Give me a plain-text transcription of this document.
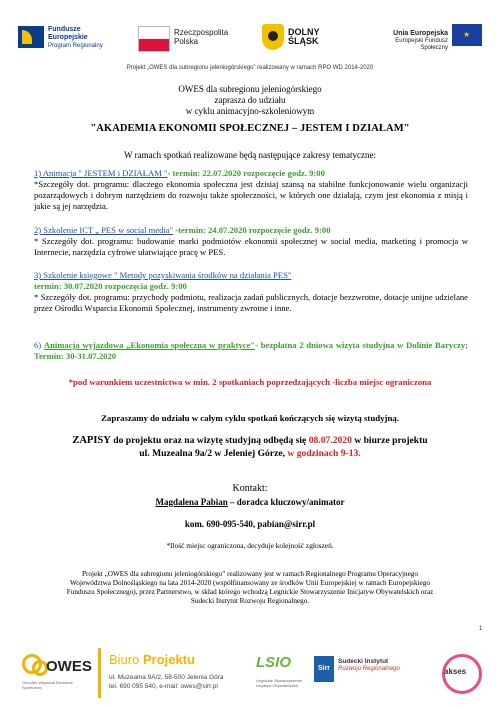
Fundusze
Europejskie
Program Regionalny
Rzeczpospolita
Polska
DOLNY
ŚLĄSK
Unia Europejska
Europejski Fundusz Społeczny
★
Projekt „OWES dla subregionu jeleniogórskiego” realizowany w ramach RPO WD 2014-2020
OWES dla subregionu jeleniogórskiego
zaprasza do udziału
w cyklu animacyjno-szkoleniowym
"AKADEMIA EKONOMII SPOŁECZNEJ – JESTEM I DZIAŁAM"
W ramach spotkań realizowane będą następujące zakresy tematyczne:
1) Animacja " JESTEM i DZIAŁAM "- termin: 22.07.2020 rozpoczęcie godz. 9:00
*Szczegóły dot. programu: dlaczego ekonomia społeczna jest dzisiaj szansą na stabilne funkcjonowanie wielu organizacji pozarządowych i dobrym narzędziem do rozwoju także społeczności, w których one działają, czym jest ekonomia z misją i jakie są jej narzędzia.
2) Szkolenie ICT „ PES w social media" -termin: 24.07.2020 rozpoczęcie godz. 9:00
* Szczegóły dot. programu: budowanie marki podmiotów ekonomii społecznej w social media, marketing i promocja w Internecie, narzędzia cyfrowe ułatwiające pracę w PES.
3) Szkolenie księgowe " Metody pozyskiwania środków na działania PES"
termin: 30.07.2020 rozpoczęcia godz. 9:00
* Szczegóły dot. programu: przychody podmiotu, realizacja zadań publicznych, dotacje bezzwrotne, dotacje unijne udzielane przez Ośrodki Wsparcia Ekonomii Społecznej, instrumenty zwrotne i inne.
6) Animacja wyjazdowa „Ekonomia społeczna w praktyce"- bezpłatna 2 dniowa wizyta studyjna w Dolinie Baryczy; Termin: 30-31.07.2020
*pod warunkiem uczestnictwa w min. 2 spotkaniach poprzedzających -liczba miejsc ograniczona
Zapraszamy do udziału w całym cyklu spotkań kończących się wizytą studyjną.
ZAPISY do projektu oraz na wizytę studyjną odbędą się 08.07.2020 w biurze projektu
ul. Muzealna 9a/2 w Jeleniej Górze, w godzinach 9-13.
Kontakt:
Magdalena Pabian – doradca kluczowy/animator
kom. 690-095-540, pabian@sirr.pl
*Ilość miejsc ograniczona, decyduje kolejność zgłoszeń.
Projekt „OWES dla subregionu jeleniogórskiego” realizowany jest w ramach Regionalnego Programu Operacyjnego Województwa Dolnośląskiego na lata 2014-2020 (współfinansowany ze środków Unii Europejskiej w ramach Europejskiego Funduszu Społecznego), przez Partnerstwo, w skład którego wchodzą Legnickie Stowarzyszenie Inicjatyw Obywatelskich oraz Sudecki Instytut Rozwoju Regionalnego.
1
OWES
Ośrodek Wsparcia Ekonomii Społecznej
Biuro Projektu
ul. Muzealna 9A/2, 58-500 Jelenia Góra
tel. 690 095 540, e-mail: owes@sirr.pl
LSIO
Legnickie Stowarzyszenie Inicjatyw Obywatelskich
Sirr
Sudecki Instytut
Rozwoju Regionalnego	akses
